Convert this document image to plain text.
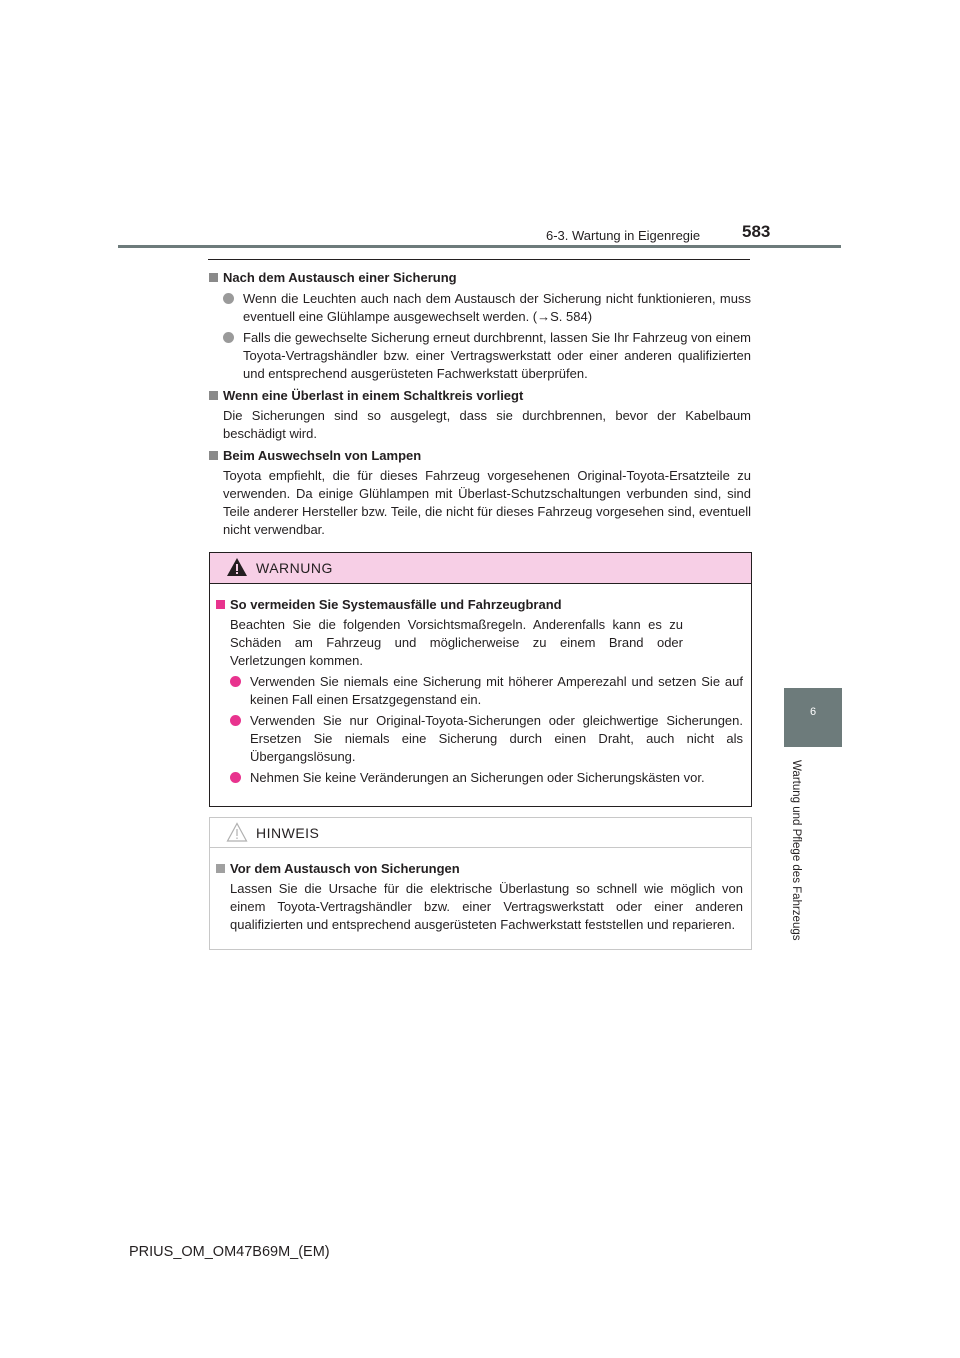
6-3. Wartung in Eigenregie 583
6
Wartung und Pflege des Fahrzeugs
Nach dem Austausch einer Sicherung
Wenn die Leuchten auch nach dem Austausch der Sicherung nicht funktionieren, muss eventuell eine Glühlampe ausgewechselt werden. (→S. 584)
Falls die gewechselte Sicherung erneut durchbrennt, lassen Sie Ihr Fahrzeug von einem Toyota-Vertragshändler bzw. einer Vertragswerkstatt oder einer anderen qualifizierten und entsprechend ausgerüsteten Fachwerkstatt überprüfen.
Wenn eine Überlast in einem Schaltkreis vorliegt
Die Sicherungen sind so ausgelegt, dass sie durchbrennen, bevor der Kabelbaum beschädigt wird.
Beim Auswechseln von Lampen
Toyota empfiehlt, die für dieses Fahrzeug vorgesehenen Original-Toyota-Ersatzteile zu verwenden. Da einige Glühlampen mit Überlast-Schutzschaltungen verbunden sind, sind Teile anderer Hersteller bzw. Teile, die nicht für dieses Fahrzeug vorgesehen sind, eventuell nicht verwendbar.
WARNUNG
So vermeiden Sie Systemausfälle und Fahrzeugbrand
Beachten Sie die folgenden Vorsichtsmaßregeln. Anderenfalls kann es zu Schäden am Fahrzeug und möglicherweise zu einem Brand oder Verletzungen kommen.
Verwenden Sie niemals eine Sicherung mit höherer Amperezahl und setzen Sie auf keinen Fall einen Ersatzgegenstand ein.
Verwenden Sie nur Original-Toyota-Sicherungen oder gleichwertige Sicherungen. Ersetzen Sie niemals eine Sicherung durch einen Draht, auch nicht als Übergangslösung.
Nehmen Sie keine Veränderungen an Sicherungen oder Sicherungskästen vor.
HINWEIS
Vor dem Austausch von Sicherungen
Lassen Sie die Ursache für die elektrische Überlastung so schnell wie möglich von einem Toyota-Vertragshändler bzw. einer Vertragswerkstatt oder einer anderen qualifizierten und entsprechend ausgerüsteten Fachwerkstatt feststellen und reparieren.
PRIUS_OM_OM47B69M_(EM)
